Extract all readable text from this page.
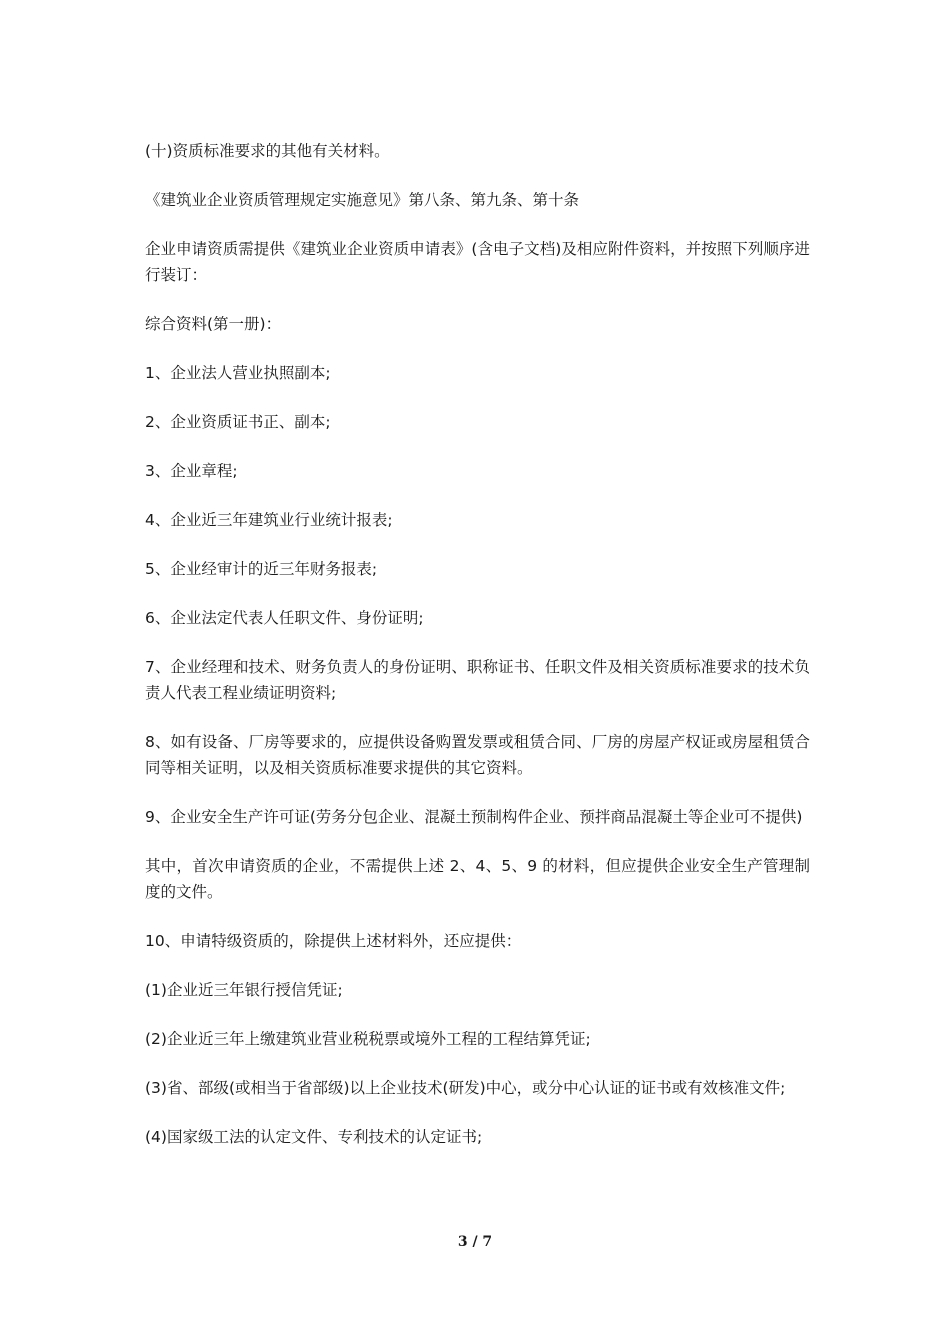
(十)资质标准要求的其他有关材料。

《建筑业企业资质管理规定实施意见》第八条、第九条、第十条

企业申请资质需提供《建筑业企业资质申请表》(含电子文档)及相应附件资料，并按照下列顺序进行装订：

综合资料(第一册)：

1、企业法人营业执照副本;

2、企业资质证书正、副本;

3、企业章程;

4、企业近三年建筑业行业统计报表;

5、企业经审计的近三年财务报表;

6、企业法定代表人任职文件、身份证明;

7、企业经理和技术、财务负责人的身份证明、职称证书、任职文件及相关资质标准要求的技术负责人代表工程业绩证明资料;

8、如有设备、厂房等要求的，应提供设备购置发票或租赁合同、厂房的房屋产权证或房屋租赁合同等相关证明，以及相关资质标准要求提供的其它资料。

9、企业安全生产许可证(劳务分包企业、混凝土预制构件企业、预拌商品混凝土等企业可不提供)

其中，首次申请资质的企业，不需提供上述 2、4、5、9 的材料，但应提供企业安全生产管理制度的文件。

10、申请特级资质的，除提供上述材料外，还应提供：

(1)企业近三年银行授信凭证;

(2)企业近三年上缴建筑业营业税税票或境外工程的工程结算凭证;

(3)省、部级(或相当于省部级)以上企业技术(研发)中心，或分中心认证的证书或有效核准文件;

(4)国家级工法的认定文件、专利技术的认定证书;

3 / 7
